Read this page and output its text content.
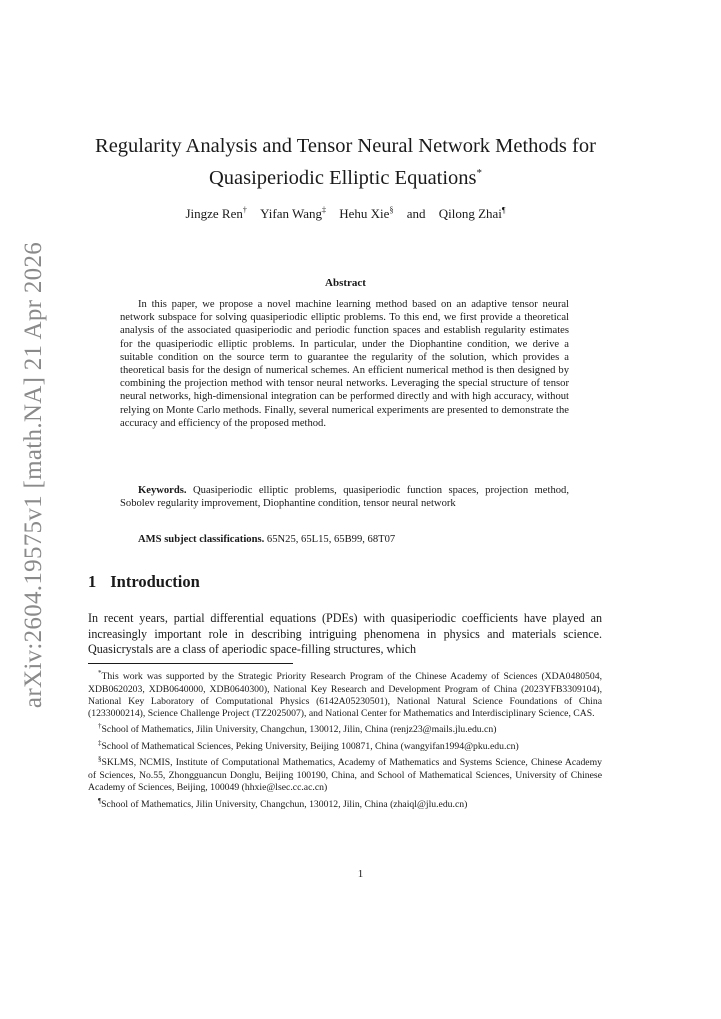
arXiv:2604.19575v1 [math.NA] 21 Apr 2026
Regularity Analysis and Tensor Neural Network Methods for
Quasiperiodic Elliptic Equations*
Jingze Ren† Yifan Wang‡ Hehu Xie§ and Qilong Zhai¶
Abstract
In this paper, we propose a novel machine learning method based on an adaptive tensor neural network subspace for solving quasiperiodic elliptic problems. To this end, we first provide a theoretical analysis of the associated quasiperiodic and periodic function spaces and establish regularity estimates for the quasiperiodic elliptic problems. In particular, under the Diophantine condition, we derive a suitable condition on the source term to guarantee the regularity of the solution, which provides a theoretical basis for the design of numerical schemes. An efficient numerical method is then designed by combining the projection method with tensor neural networks. Leveraging the special structure of tensor neural networks, high-dimensional integration can be performed directly and with high accuracy, without relying on Monte Carlo methods. Finally, several numerical experiments are presented to demonstrate the accuracy and efficiency of the proposed method.
Keywords. Quasiperiodic elliptic problems, quasiperiodic function spaces, projection method, Sobolev regularity improvement, Diophantine condition, tensor neural network
AMS subject classifications. 65N25, 65L15, 65B99, 68T07
1 Introduction
In recent years, partial differential equations (PDEs) with quasiperiodic coefficients have played an increasingly important role in describing intriguing phenomena in physics and materials science. Quasicrystals are a class of aperiodic space-filling structures, which

*This work was supported by the Strategic Priority Research Program of the Chinese Academy of Sciences (XDA0480504, XDB0620203, XDB0640000, XDB0640300), National Key Research and Development Program of China (2023YFB3309104), National Key Laboratory of Computational Physics (6142A05230501), National Natural Science Foundations of China (1233000214), Science Challenge Project (TZ2025007), and National Center for Mathematics and Interdisciplinary Science, CAS.

†School of Mathematics, Jilin University, Changchun, 130012, Jilin, China (renjz23@mails.jlu.edu.cn)

‡School of Mathematical Sciences, Peking University, Beijing 100871, China (wangyifan1994@pku.edu.cn)

§SKLMS, NCMIS, Institute of Computational Mathematics, Academy of Mathematics and Systems Science, Chinese Academy of Sciences, No.55, Zhongguancun Donglu, Beijing 100190, China, and School of Mathematical Sciences, University of Chinese Academy of Sciences, Beijing, 100049 (hhxie@lsec.cc.ac.cn)

¶School of Mathematics, Jilin University, Changchun, 130012, Jilin, China (zhaiql@jlu.edu.cn)

1
